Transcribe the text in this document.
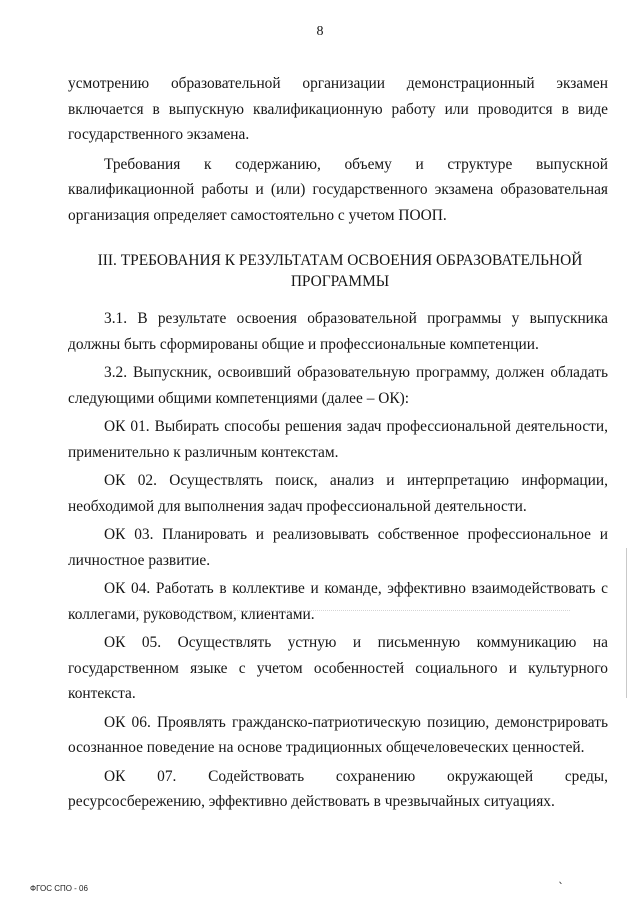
8

усмотрению образовательной организации демонстрационный экзамен включается в выпускную квалификационную работу или проводится в виде государственного экзамена.

Требования к содержанию, объему и структуре выпускной квалификационной работы и (или) государственного экзамена образовательная организация определяет самостоятельно с учетом ПООП.

III. ТРЕБОВАНИЯ К РЕЗУЛЬТАТАМ ОСВОЕНИЯ ОБРАЗОВАТЕЛЬНОЙ
ПРОГРАММЫ

3.1. В результате освоения образовательной программы у выпускника должны быть сформированы общие и профессиональные компетенции.

3.2. Выпускник, освоивший образовательную программу, должен обладать следующими общими компетенциями (далее – ОК):

ОК 01. Выбирать способы решения задач профессиональной деятельности, применительно к различным контекстам.

ОК 02. Осуществлять поиск, анализ и интерпретацию информации, необходимой для выполнения задач профессиональной деятельности.

ОК 03. Планировать и реализовывать собственное профессиональное и личностное развитие.

ОК 04. Работать в коллективе и команде, эффективно взаимодействовать с коллегами, руководством, клиентами.

ОК 05. Осуществлять устную и письменную коммуникацию на государственном языке с учетом особенностей социального и культурного контекста.

ОК 06. Проявлять гражданско-патриотическую позицию, демонстрировать осознанное поведение на основе традиционных общечеловеческих ценностей.

ОК 07. Содействовать сохранению окружающей среды, ресурсосбережению, эффективно действовать в чрезвычайных ситуациях.

ˎ
ФГОС СПО - 06
